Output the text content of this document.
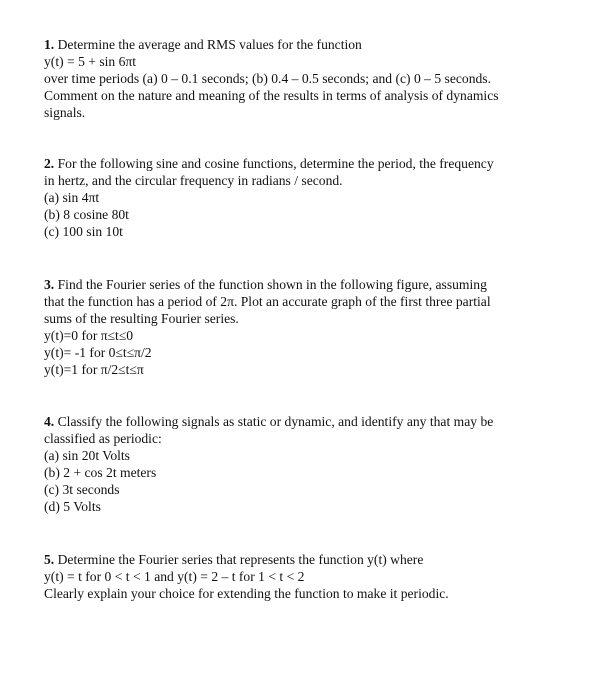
1. Determine the average and RMS values for the function
y(t) = 5 + sin 6πt
over time periods (a) 0 – 0.1 seconds; (b) 0.4 – 0.5 seconds; and (c) 0 – 5 seconds.
Comment on the nature and meaning of the results in terms of analysis of dynamics
signals.
2. For the following sine and cosine functions, determine the period, the frequency
in hertz, and the circular frequency in radians / second.
(a) sin 4πt
(b) 8 cosine 80t
(c) 100 sin 10t
3. Find the Fourier series of the function shown in the following figure, assuming
that the function has a period of 2π. Plot an accurate graph of the first three partial
sums of the resulting Fourier series.
y(t)=0 for π≤t≤0
y(t)= -1 for 0≤t≤π/2
y(t)=1 for π/2≤t≤π
4. Classify the following signals as static or dynamic, and identify any that may be
classified as periodic:
(a) sin 20t Volts
(b) 2 + cos 2t meters
(c) 3t seconds
(d) 5 Volts
5. Determine the Fourier series that represents the function y(t) where
y(t) = t for 0 < t < 1 and y(t) = 2 – t for 1 < t < 2
Clearly explain your choice for extending the function to make it periodic.
